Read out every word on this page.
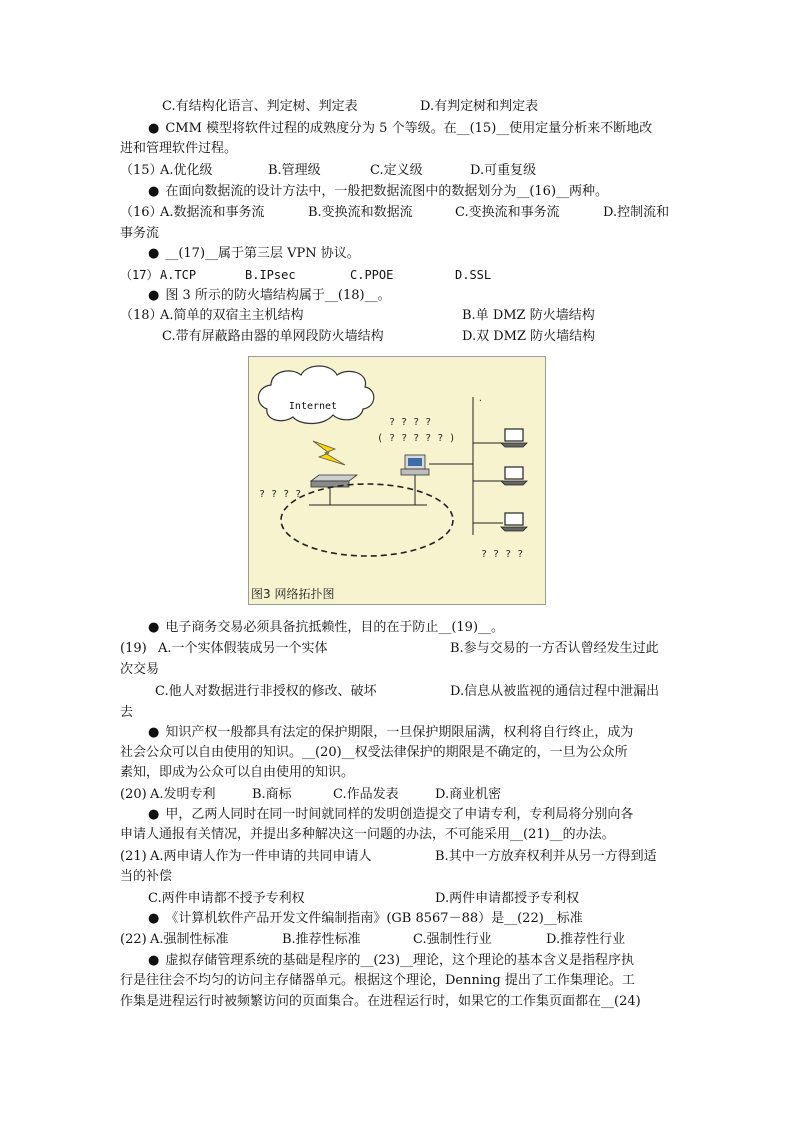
C.有结构化语言、判定树、判定表	D.有判定树和判定表
● CMM 模型将软件过程的成熟度分为 5 个等级。在__(15)__使用定量分析来不断地改
进和管理软件过程。
（15）
A.优化级	B.管理级	C.定义级	D.可重复级
● 在面向数据流的设计方法中，一般把数据流图中的数据划分为__(16)__两种。
（16）
A.数据流和事务流	B.变换流和数据流	C.变换流和事务流	D.控制流和
事务流
● __(17)__属于第三层 VPN 协议。
（17） A.TCP	B.IPsec	C.PPOE	D.SSL
● 图 3 所示的防火墙结构属于__(18)__。
（18）
A.简单的双宿主主机结构	B.单 DMZ 防火墙结构
C.带有屏蔽路由器的单网段防火墙结构	D.双 DMZ 防火墙结构
Internet
? ? ? ?
? ? ? ?
( ? ? ? ? ? )
·
? ? ? ?
图3 网络拓扑图
● 电子商务交易必须具备抗抵赖性，目的在于防止__(19)__。
(19) A.一个实体假装成另一个实体	B.参与交易的一方否认曾经发生过此
次交易
C.他人对数据进行非授权的修改、破坏	D.信息从被监视的通信过程中泄漏出
去
● 知识产权一般都具有法定的保护期限，一旦保护期限届满，权利将自行终止，成为
社会公众可以自由使用的知识。__(20)__权受法律保护的期限是不确定的，一旦为公众所
素知，即成为公众可以自由使用的知识。
(20) A.发明专利	B.商标	C.作品发表	D.商业机密
● 甲，乙两人同时在同一时间就同样的发明创造提交了申请专利，专利局将分别向各
申请人通报有关情况，并提出多种解决这一问题的办法，不可能采用__(21)__的办法。
(21) A.两申请人作为一件申请的共同申请人	B.其中一方放弃权利并从另一方得到适
当的补偿
C.两件申请都不授予专利权	D.两件申请都授予专利权
● 《计算机软件产品开发文件编制指南》(GB 8567－88）是__(22)__标准
(22) A.强制性标准	B.推荐性标准	C.强制性行业	D.推荐性行业
● 虚拟存储管理系统的基础是程序的__(23)__理论，这个理论的基本含义是指程序执
行是往往会不均匀的访问主存储器单元。根据这个理论，Denning 提出了工作集理论。工
作集是进程运行时被频繁访问的页面集合。在进程运行时，如果它的工作集页面都在__(24)
